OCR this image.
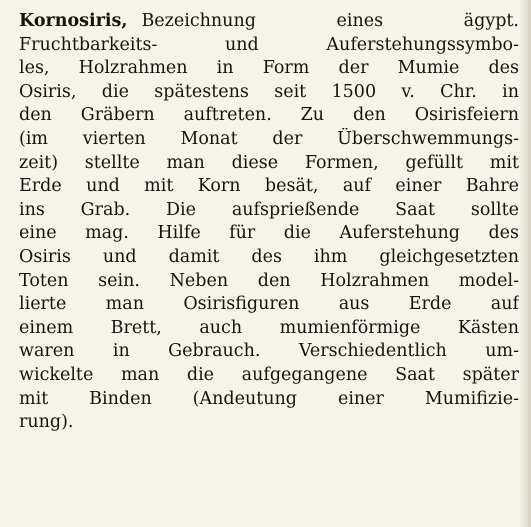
Kornosiris, Bezeichnung eines ägypt.
Fruchtbarkeits- und Auferstehungssymbo-
les, Holzrahmen in Form der Mumie des
Osiris, die spätestens seit 1500 v. Chr. in
den Gräbern auftreten. Zu den Osirisfeiern
(im vierten Monat der Überschwemmungs-
zeit) stellte man diese Formen, gefüllt mit
Erde und mit Korn besät, auf einer Bahre
ins Grab. Die aufsprießende Saat sollte
eine mag. Hilfe für die Auferstehung des
Osiris und damit des ihm gleichgesetzten
Toten sein. Neben den Holzrahmen model-
lierte man Osirisfiguren aus Erde auf
einem Brett, auch mumienförmige Kästen
waren in Gebrauch. Verschiedentlich um-
wickelte man die aufgegangene Saat später
mit Binden (Andeutung einer Mumifizie-
rung).
